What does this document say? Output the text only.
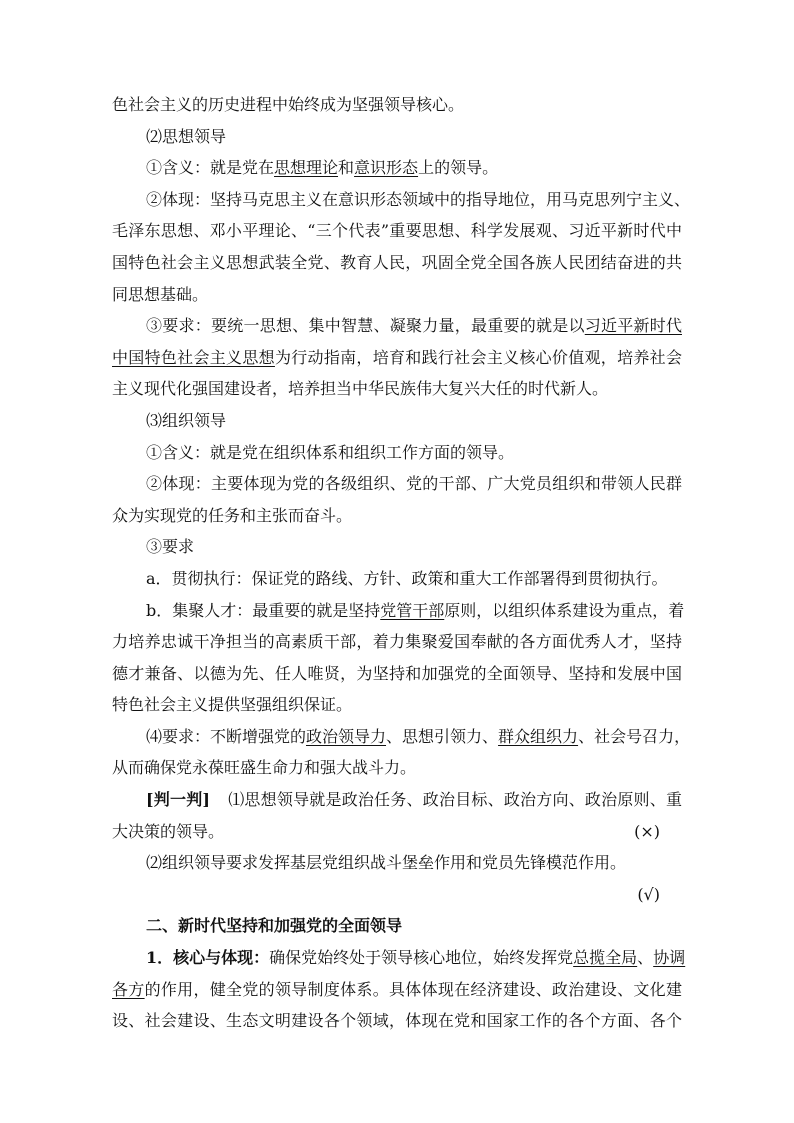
色社会主义的历史进程中始终成为坚强领导核心。
⑵思想领导
①含义：就是党在思想理论和意识形态上的领导。
②体现：坚持马克思主义在意识形态领域中的指导地位，用马克思列宁主义、
毛泽东思想、邓小平理论、“三个代表”重要思想、科学发展观、习近平新时代中
国特色社会主义思想武装全党、教育人民，巩固全党全国各族人民团结奋进的共
同思想基础。
③要求：要统一思想、集中智慧、凝聚力量，最重要的就是以习近平新时代
中国特色社会主义思想为行动指南，培育和践行社会主义核心价值观，培养社会
主义现代化强国建设者，培养担当中华民族伟大复兴大任的时代新人。
⑶组织领导
①含义：就是党在组织体系和组织工作方面的领导。
②体现：主要体现为党的各级组织、党的干部、广大党员组织和带领人民群
众为实现党的任务和主张而奋斗。
③要求
a．贯彻执行：保证党的路线、方针、政策和重大工作部署得到贯彻执行。
b．集聚人才：最重要的就是坚持党管干部原则，以组织体系建设为重点，着
力培养忠诚干净担当的高素质干部，着力集聚爱国奉献的各方面优秀人才，坚持
德才兼备、以德为先、任人唯贤，为坚持和加强党的全面领导、坚持和发展中国
特色社会主义提供坚强组织保证。
⑷要求：不断增强党的政治领导力、思想引领力、群众组织力、社会号召力，
从而确保党永葆旺盛生命力和强大战斗力。
[判一判] ⑴思想领导就是政治任务、政治目标、政治方向、政治原则、重
大决策的领导。	(×)
⑵组织领导要求发挥基层党组织战斗堡垒作用和党员先锋模范作用。
(√)
二、新时代坚持和加强党的全面领导
1．核心与体现：确保党始终处于领导核心地位，始终发挥党总揽全局、协调
各方的作用，健全党的领导制度体系。具体体现在经济建设、政治建设、文化建
设、社会建设、生态文明建设各个领域，体现在党和国家工作的各个方面、各个
